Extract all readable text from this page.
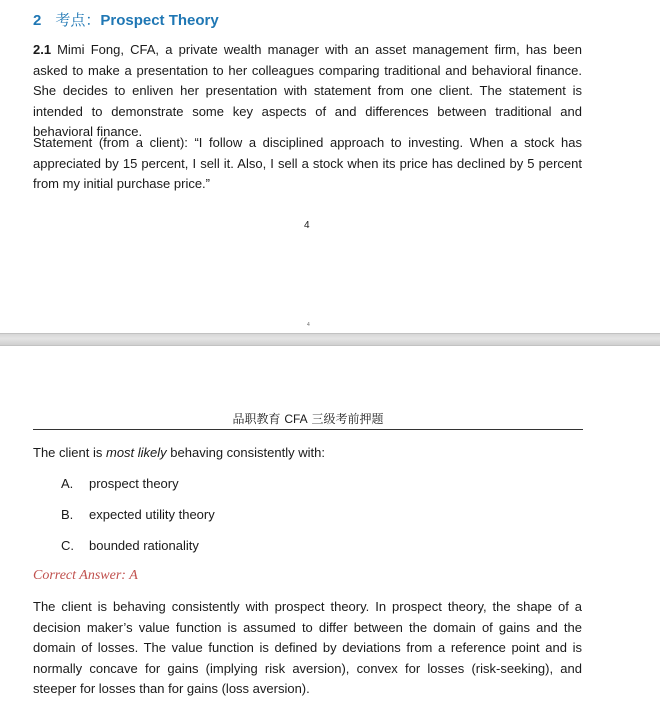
2 考点：Prospect Theory

2.1 Mimi Fong, CFA, a private wealth manager with an asset management firm, has been asked to make a presentation to her colleagues comparing traditional and behavioral finance. She decides to enliven her presentation with statement from one client. The statement is intended to demonstrate some key aspects of and differences between traditional and behavioral finance.

Statement (from a client): “I follow a disciplined approach to investing. When a stock has appreciated by 15 percent, I sell it. Also, I sell a stock when its price has declined by 5 percent from my initial purchase price.”

4
4
品职教育 CFA 三级考前押题
The client is most likely behaving consistently with:
A. prospect theory
B. expected utility theory
C. bounded rationality
Correct Answer: A

The client is behaving consistently with prospect theory. In prospect theory, the shape of a decision maker’s value function is assumed to differ between the domain of gains and the domain of losses. The value function is defined by deviations from a reference point and is normally concave for gains (implying risk aversion), convex for losses (risk-seeking), and steeper for losses than for gains (loss aversion).
